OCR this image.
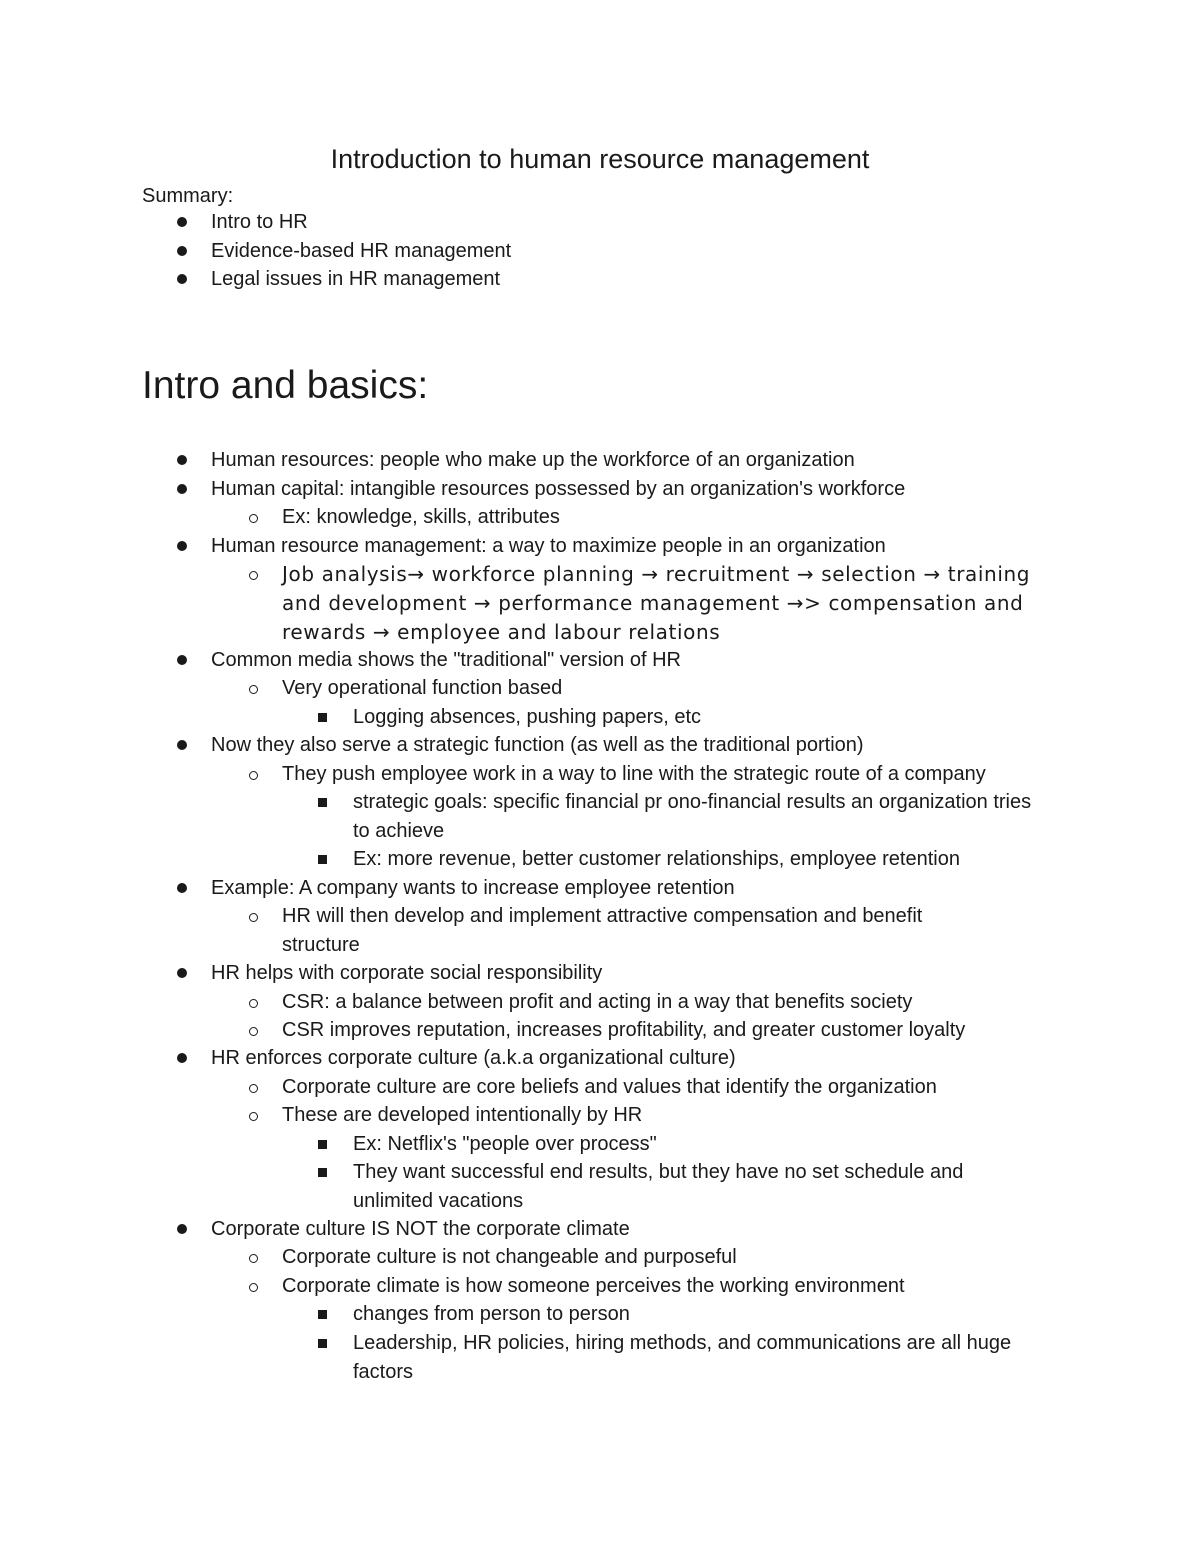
Introduction to human resource management
Summary:
Intro to HR
Evidence-based HR management
Legal issues in HR management
Intro and basics:
Human resources: people who make up the workforce of an organization
Human capital: intangible resources possessed by an organization's workforce
Ex: knowledge, skills, attributes
Human resource management: a way to maximize people in an organization
Job analysis→ workforce planning → recruitment → selection → training and development → performance management →> compensation and rewards → employee and labour relations
Common media shows the "traditional" version of HR
Very operational function based
Logging absences, pushing papers, etc
Now they also serve a strategic function (as well as the traditional portion)
They push employee work in a way to line with the strategic route of a company
strategic goals: specific financial pr ono-financial results an organization tries to achieve
Ex: more revenue, better customer relationships, employee retention
Example: A company wants to increase employee retention
HR will then develop and implement attractive compensation and benefit structure
HR helps with corporate social responsibility
CSR: a balance between profit and acting in a way that benefits society
CSR improves reputation, increases profitability, and greater customer loyalty
HR enforces corporate culture (a.k.a organizational culture)
Corporate culture are core beliefs and values that identify the organization
These are developed intentionally by HR
Ex: Netflix's "people over process"
They want successful end results, but they have no set schedule and unlimited vacations
Corporate culture IS NOT the corporate climate
Corporate culture is not changeable and purposeful
Corporate climate is how someone perceives the working environment
changes from person to person
Leadership, HR policies, hiring methods, and communications are all huge factors
